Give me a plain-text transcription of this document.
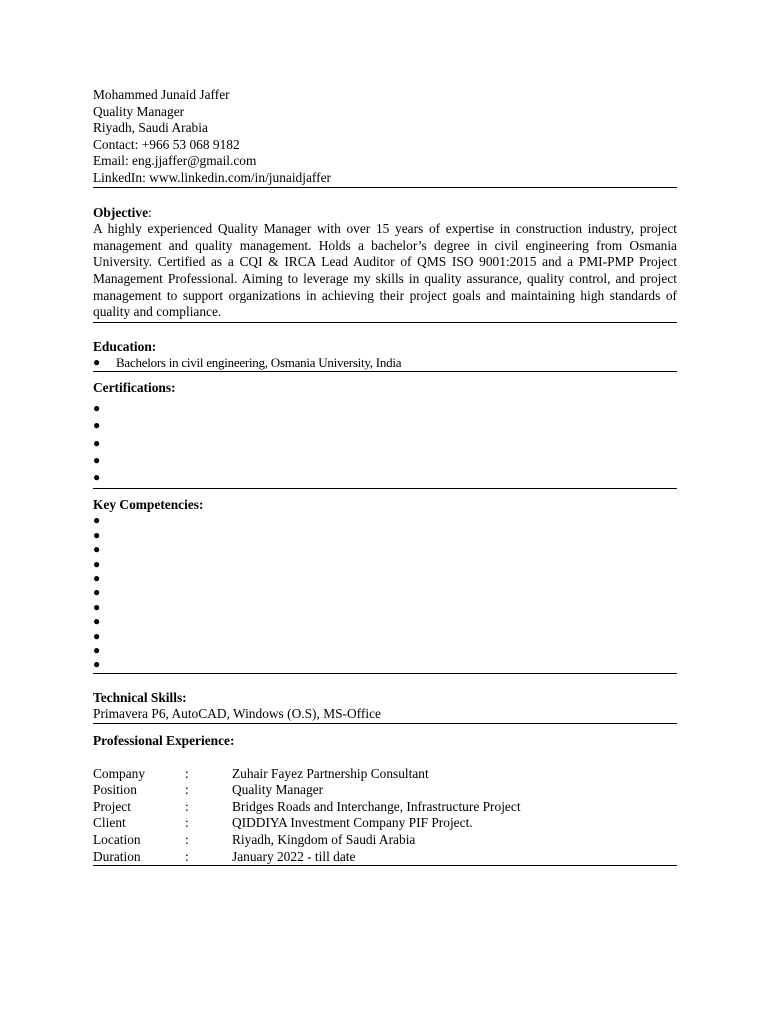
Mohammed Junaid Jaffer
Quality Manager
Riyadh, Saudi Arabia
Contact: +966 53 068 9182
Email: eng.jjaffer@gmail.com
LinkedIn: www.linkedin.com/in/junaidjaffer
Objective:
A highly experienced Quality Manager with over 15 years of expertise in construction industry, project management and quality management. Holds a bachelor’s degree in civil engineering from Osmania University. Certified as a CQI & IRCA Lead Auditor of QMS ISO 9001:2015 and a PMI-PMP Project Management Professional. Aiming to leverage my skills in quality assurance, quality control, and project management to support organizations in achieving their project goals and maintaining high standards of quality and compliance.
Education:
● Bachelors in civil engineering, Osmania University, India
Certifications:
●
●
●
●
●
Key Competencies:
●
●
●
●
●
●
●
●
●
●
●
Technical Skills:
Primavera P6, AutoCAD, Windows (O.S), MS-Office
Professional Experience:
Company	:	Zuhair Fayez Partnership Consultant
Position	:	Quality Manager
Project	:	Bridges Roads and Interchange, Infrastructure Project
Client	:	QIDDIYA Investment Company PIF Project.
Location	:	Riyadh, Kingdom of Saudi Arabia
Duration	:	January 2022 - till date
